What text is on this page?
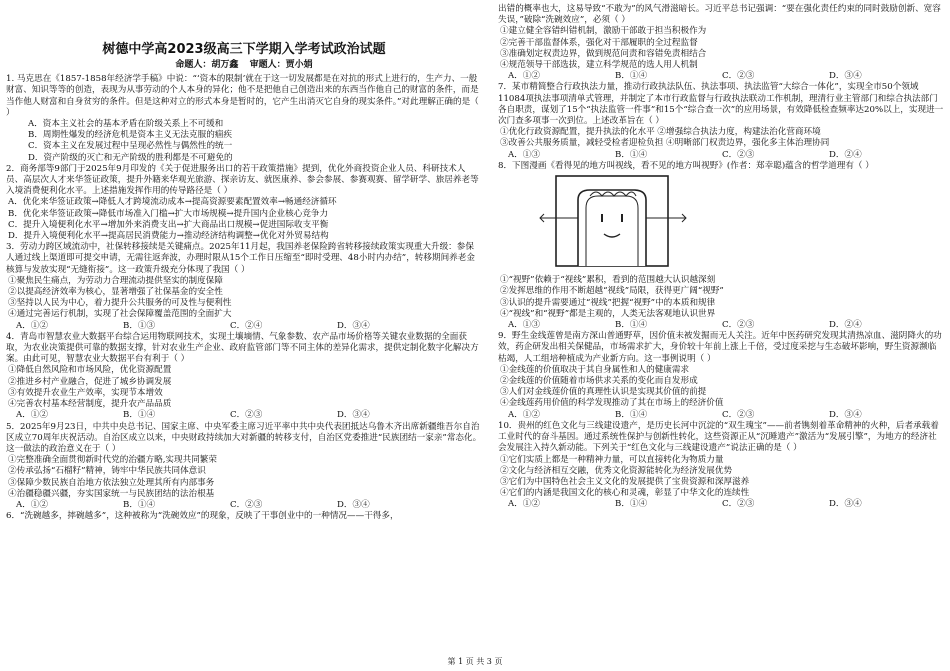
树德中学高2023级高三下学期入学考试政治试题
命题人：胡万鑫 审题人：贾小娟

1. 马克思在《1857-1858年经济学手稿》中说：“‘资本的限制’就在于这一切发展都是在对抗的形式上进行的，生产力、一般财富、知识等等的创造，表现为从事劳动的个人本身的异化；他不是把他自己创造出来的东西当作他自己的财富的条件，而是当作他人财富和自身贫穷的条件。但是这种对立的形式本身是暂时的，它产生出消灭它自身的现实条件。”对此理解正确的是（ ）

A．资本主义社会的基本矛盾在阶级关系上不可缓和

B．周期性爆发的经济危机是资本主义无法克服的痼疾

C．资本主义在发展过程中呈现必然性与偶然性的统一

D．资产阶级的灭亡和无产阶级的胜利都是不可避免的

2．商务部等9部门于2025年9月印发的《关于促进服务出口的若干政策措施》提到，优化外商投资企业人员、科研技术人员、高层次人才来华签证政策，提升外籍来华观光旅游、探亲访友、就医康养、参会参展、参赛观赛、留学研学、旅居养老等入境消费便利化水平。上述措施发挥作用的传导路径是（ ）

A．优化来华签证政策→降低人才跨境流动成本→提高资源要素配置效率→畅通经济循环

B．优化来华签证政策→降低市场准入门槛→扩大市场规模→提升国内企业核心竞争力

C．提升入境便利化水平→增加外来消费支出→扩大商品出口规模→促进国际收支平衡

D．提升入境便利化水平→提高居民消费能力→推动经济结构调整→优化对外贸易结构

3．劳动力跨区域流动中，社保转移接续是关键痛点。2025年11月起，我国养老保险跨省转移接续政策实现重大升级：参保人通过线上渠道即可提交申请，无需往返奔波，办理时限从15个工作日压缩至“即时受理、48小时内办结”，转移期间养老金核算与发放实现“无缝衔接”。这一政策升级充分体现了我国（ ）

①聚焦民生痛点，为劳动力合理流动提供坚实的制度保障

②以提高经济效率为核心，显著增强了社保基金的安全性

③坚持以人民为中心，着力提升公共服务的可及性与便利性

④通过完善运行机制，实现了社会保障覆盖范围的全面扩大

A．①②	B．①③	C．②④	D．③④

4．青岛市智慧农业大数据平台综合运用物联网技术，实现土壤墒情、气象参数、农产品市场价格等关键农业数据的全面获取，为农业决策提供可靠的数据支撑，针对农业生产企业、政府监管部门等不同主体的差异化需求，提供定制化数字化解决方案。由此可见，智慧农业大数据平台有利于（ ）

①降低自然风险和市场风险，优化资源配置

②推进乡村产业融合，促进了城乡协调发展

③有效提升农业生产效率，实现节本增效

④完善农村基本经营制度，提升农产品品质

A．①②	B．①④	C．②③	D．③④

5．2025年9月23日，中共中央总书记、国家主席、中央军委主席习近平率中共中央代表团抵达乌鲁木齐出席新疆维吾尔自治区成立70周年庆祝活动。自治区成立以来，中央财政持续加大对新疆的转移支付，自治区党委推进“民族团结一家亲”常态化。这一做法的政治意义在于（ ）

①完整准确全面贯彻新时代党的治疆方略,实现共同繁荣

②传承弘扬“石榴籽”精神，铸牢中华民族共同体意识

③保障少数民族自治地方依法独立处理其所有内部事务

④治疆稳疆兴疆，夯实国家统一与民族团结的法治根基

A．①②	B．①④	C．②③	D．③④

6．“洗碗越多，摔碗越多”，这种被称为“洗碗效应”的现象，反映了干事创业中的一种情况——干得多，

出错的概率也大，这易导致“不敢为”的风气滑滋暗长。习近平总书记强调：“要在强化责任约束的同时鼓励创新、宽容失误，”破除“洗碗效应”，必须（ ）

①建立健全容错纠错机制，激励干部敢于担当积极作为

②完善干部监督体系，强化对干部履职的全过程监督

③准确划定权责边界，做到规范问责和容错免责相结合

④规范领导干部选拔，建立科学规范的选人用人机制

A．①②	B．①④	C．②③	D．③④

7．某市精简整合行政执法力量，推动行政执法队伍、执法事项、执法监管“大综合一体化”，实现全市50个领域11084项执法事项清单式管理，并制定了本市行政监督与行政执法联动工作机制，理清行业主管部门和综合执法部门各自职责，谋划了15个“执法监管一件事”和15个“综合查一次”的应用场景，有效降低检查频率达20%以上，实现进一次门查多项事一次到位。上述改革旨在（ ）

①优化行政资源配置，提升执法的化水平 ②增强综合执法力度，构建法治化营商环境

③改善公共服务质量，减轻受检者迎检负担 ④明晰部门权责边界，强化多主体治理协同

A．①③	B．①④	C．②③	D．②④

8．下图漫画《看得见的地方叫视线，看不见的地方叫视野》(作者：郑幸聪)蕴含的哲学道理有（ ）

①“视野”依赖于“视线”累积，看到的范围越大认识越深刻

②发挥思维的作用不断超越“视线”局限，获得更广阔“视野”

③认识的提升需要通过“视线”把握“视野”中的本质和规律

④“视线”和“视野”都是主观的，人类无法客观地认识世界

A．①③	B．①④	C．②③	D．②④

9．野生金线莲曾是南方深山普通野草，因价值未被发掘而无人关注。近年中医药研究发现其清热凉血、滋阴降火的功效，药企研发出相关保健品，市场需求扩大，身价较十年前上涨上千倍，受过度采挖与生态破坏影响，野生资源濒临枯竭，人工组培种植成为产业新方向。这一事例说明（ ）

①金线莲的价值取决于其自身属性和人的健康需求

②金线莲的价值随着市场供求关系的变化而自发形成

③人们对金线莲价值的真理性认识是实现其价值的前提

④金线莲药用价值的科学发现推动了其在市场上的经济价值

A．①②	B．①④	C．②③	D．③④

10．贵州的红色文化与三线建设遗产，是历史长河中沉淀的“双生瑰宝”——前者镌刻着革命精神的火种，后者承载着工业时代的奋斗基因。通过系统性保护与创新性转化，这些资源正从“沉睡遗产”激活为“发展引擎”，为地方的经济社会发展注入持久新动能。下列关于“红色文化与三线建设遗产”说法正确的是（ ）

①它们实质上都是一种精神力量，可以直接转化为物质力量

②文化与经济相互交融，优秀文化资源能转化为经济发展优势

③它们为中国特色社会主义文化的发展提供了宝贵资源和深厚滋养

④它们的内涵是我国文化的核心和灵魂，彰显了中华文化的连续性

A．①②	B．①④	C．②③	D．③④
第 1 页 共 3 页
